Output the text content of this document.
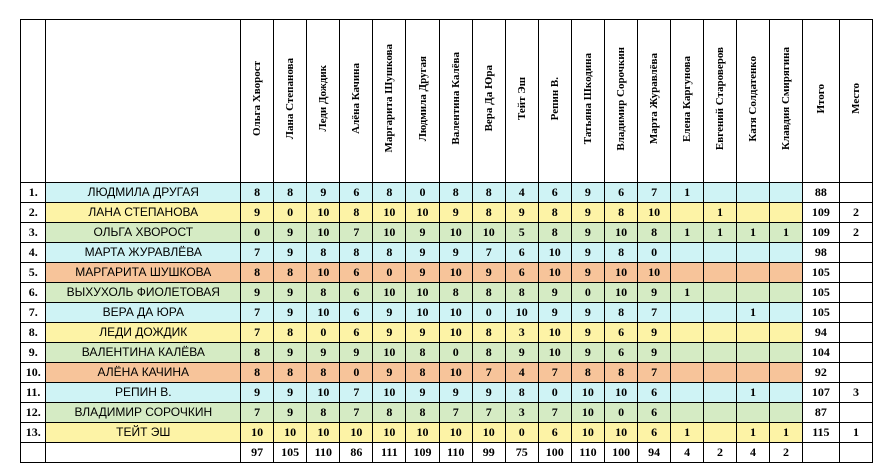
		Ольга Хворост	Лана Степанова	Леди Дождик	Алёна Качина	Маргарита Шушкова	Людмила Другая	Валентина Калёва	Вера Да Юра	Тейт Эш	Репин В.	Татьяна Шкодина	Владимир Сорочкин	Марта Журавлёва	Елена Каргунова	Евгений Староверов	Катя Солдатенко	Клавдия Смирягина	Итого	Место
1.	ЛЮДМИЛА ДРУГАЯ	8	8	9	6	8	0	8	8	4	6	9	6	7	1				88	
2.	ЛАНА СТЕПАНОВА	9	0	10	8	10	10	9	8	9	8	9	8	10		1			109	2
3.	ОЛЬГА ХВОРОСТ	0	9	10	7	10	9	10	10	5	8	9	10	8	1	1	1	1	109	2
4.	МАРТА ЖУРАВЛЁВА	7	9	8	8	8	9	9	7	6	10	9	8	0					98	
5.	МАРГАРИТА ШУШКОВА	8	8	10	6	0	9	10	9	6	10	9	10	10					105	
6.	ВЫХУХОЛЬ ФИОЛЕТОВАЯ	9	9	8	6	10	10	8	8	8	9	0	10	9	1				105	
7.	ВЕРА ДА ЮРА	7	9	10	6	9	10	10	0	10	9	9	8	7			1		105	
8.	ЛЕДИ ДОЖДИК	7	8	0	6	9	9	10	8	3	10	9	6	9					94	
9.	ВАЛЕНТИНА КАЛЁВА	8	9	9	9	10	8	0	8	9	10	9	6	9					104	
10.	АЛЁНА КАЧИНА	8	8	8	0	9	8	10	7	4	7	8	8	7					92	
11.	РЕПИН В.	9	9	10	7	10	9	9	9	8	0	10	10	6			1		107	3
12.	ВЛАДИМИР СОРОЧКИН	7	9	8	7	8	8	7	7	3	7	10	0	6					87	
13.	ТЕЙТ ЭШ	10	10	10	10	10	10	10	10	0	6	10	10	6	1		1	1	115	1
		97	105	110	86	111	109	110	99	75	100	110	100	94	4	2	4	2		
